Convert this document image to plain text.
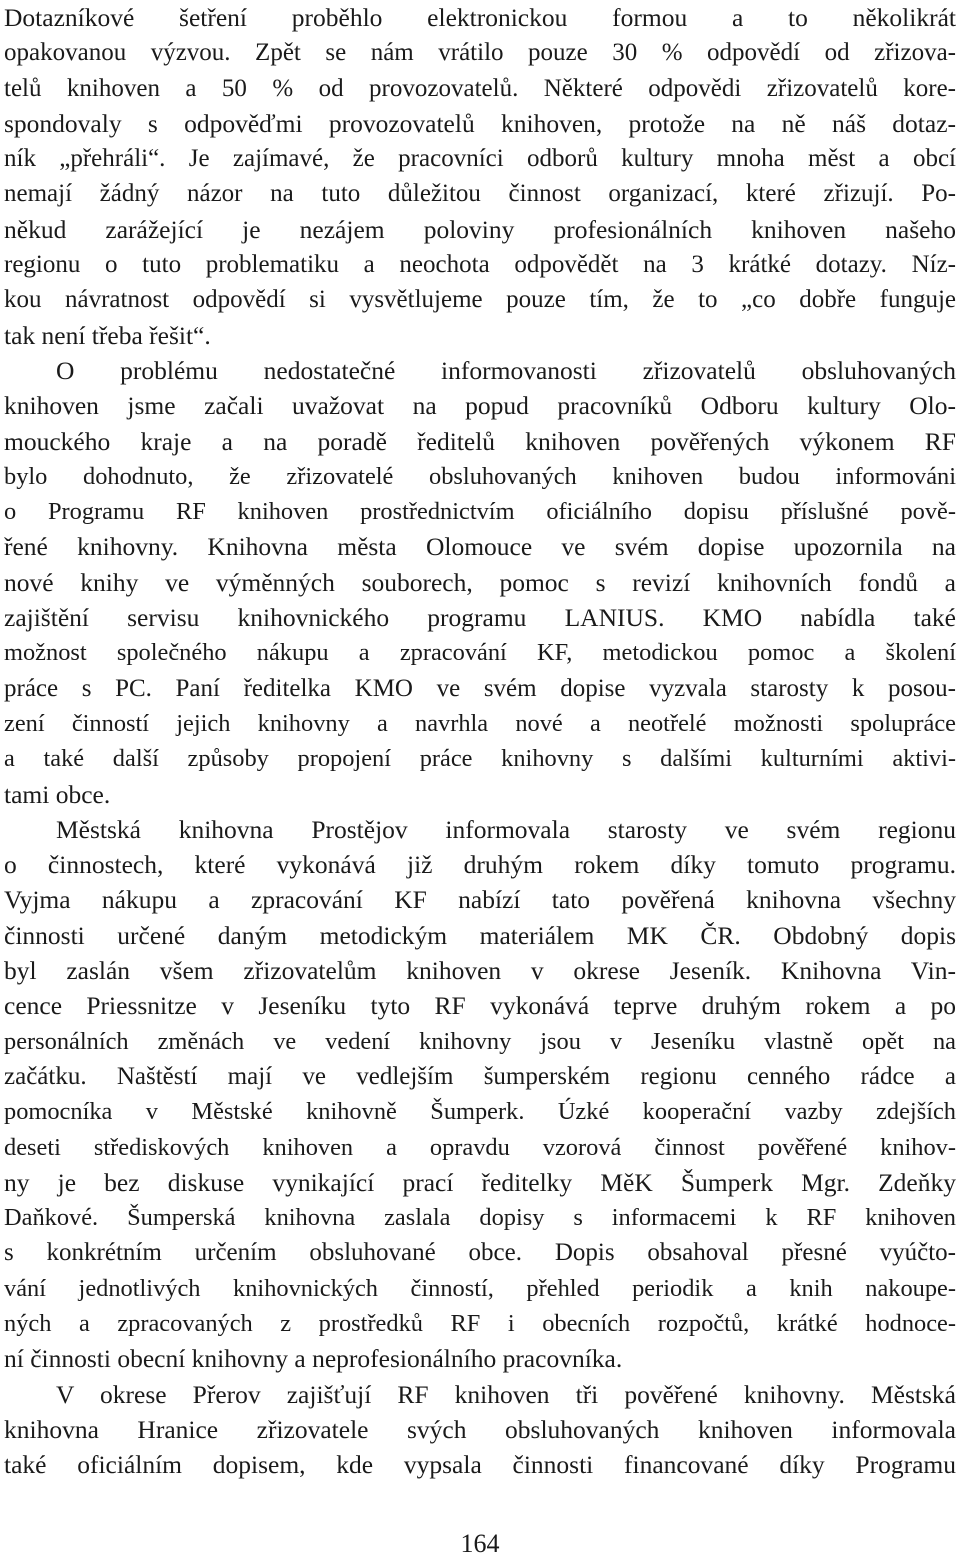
Dotazníkové šetření proběhlo elektronickou formou a to několikrát
opakovanou výzvou. Zpět se nám vrátilo pouze 30 % odpovědí od zřizova-
telů knihoven a 50 % od provozovatelů. Některé odpovědi zřizovatelů kore-
spondovaly s odpověďmi provozovatelů knihoven, protože na ně náš dotaz-
ník „přehráli“. Je zajímavé, že pracovníci odborů kultury mnoha měst a obcí
nemají žádný názor na tuto důležitou činnost organizací, které zřizují. Po-
někud zarážející je nezájem poloviny profesionálních knihoven našeho
regionu o tuto problematiku a neochota odpovědět na 3 krátké dotazy. Níz-
kou návratnost odpovědí si vysvětlujeme pouze tím, že to „co dobře funguje
tak není třeba řešit“.
O problému nedostatečné informovanosti zřizovatelů obsluhovaných
knihoven jsme začali uvažovat na popud pracovníků Odboru kultury Olo-
mouckého kraje a na poradě ředitelů knihoven pověřených výkonem RF
bylo dohodnuto, že zřizovatelé obsluhovaných knihoven budou informováni
o Programu RF knihoven prostřednictvím oficiálního dopisu příslušné pově-
řené knihovny. Knihovna města Olomouce ve svém dopise upozornila na
nové knihy ve výměnných souborech, pomoc s revizí knihovních fondů a
zajištění servisu knihovnického programu LANIUS. KMO nabídla také
možnost společného nákupu a zpracování KF, metodickou pomoc a školení
práce s PC. Paní ředitelka KMO ve svém dopise vyzvala starosty k posou-
zení činností jejich knihovny a navrhla nové a neotřelé možnosti spolupráce
a také další způsoby propojení práce knihovny s dalšími kulturními aktivi-
tami obce.
Městská knihovna Prostějov informovala starosty ve svém regionu
o činnostech, které vykonává již druhým rokem díky tomuto programu.
Vyjma nákupu a zpracování KF nabízí tato pověřená knihovna všechny
činnosti určené daným metodickým materiálem MK ČR. Obdobný dopis
byl zaslán všem zřizovatelům knihoven v okrese Jeseník. Knihovna Vin-
cence Priessnitze v Jeseníku tyto RF vykonává teprve druhým rokem a po
personálních změnách ve vedení knihovny jsou v Jeseníku vlastně opět na
začátku. Naštěstí mají ve vedlejším šumperském regionu cenného rádce a
pomocníka v Městské knihovně Šumperk. Úzké kooperační vazby zdejších
deseti střediskových knihoven a opravdu vzorová činnost pověřené knihov-
ny je bez diskuse vynikající prací ředitelky MěK Šumperk Mgr. Zdeňky
Daňkové. Šumperská knihovna zaslala dopisy s informacemi k RF knihoven
s konkrétním určením obsluhované obce. Dopis obsahoval přesné vyúčto-
vání jednotlivých knihovnických činností, přehled periodik a knih nakoupe-
ných a zpracovaných z prostředků RF i obecních rozpočtů, krátké hodnoce-
ní činnosti obecní knihovny a neprofesionálního pracovníka.
V okrese Přerov zajišťují RF knihoven tři pověřené knihovny. Městská
knihovna Hranice zřizovatele svých obsluhovaných knihoven informovala
také oficiálním dopisem, kde vypsala činnosti financované díky Programu
164
